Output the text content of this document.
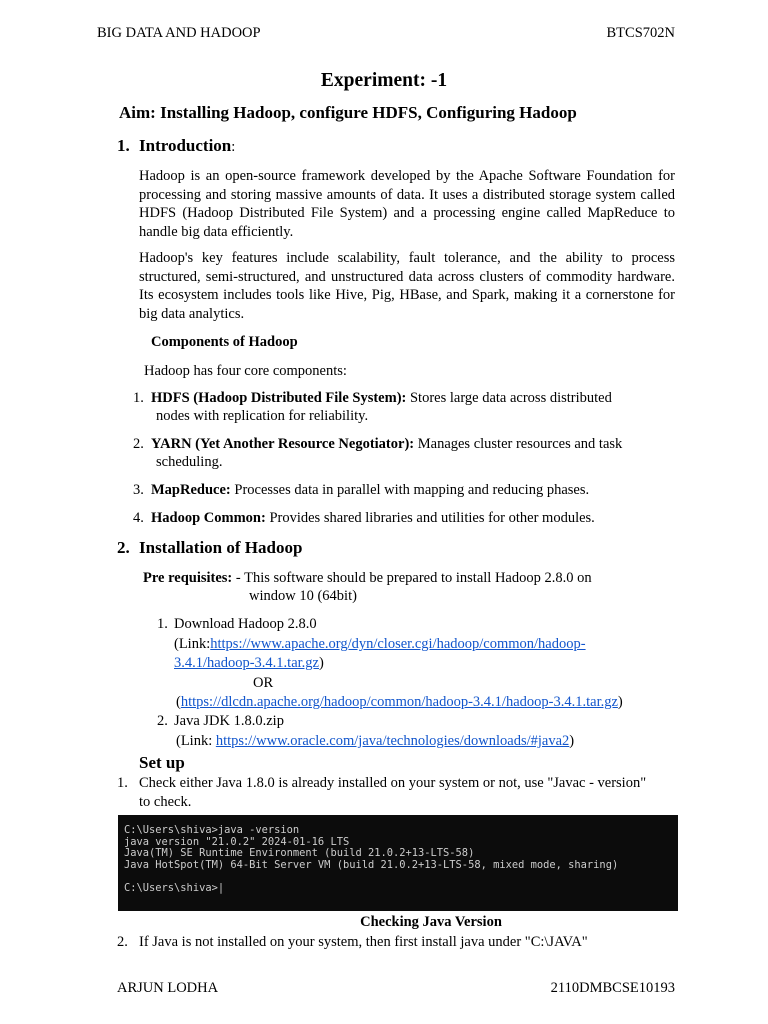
BIG DATA AND HADOOP	BTCS702N
Experiment: -1
Aim: Installing Hadoop, configure HDFS, Configuring Hadoop
1. Introduction:
Hadoop is an open-source framework developed by the Apache Software Foundation for processing and storing massive amounts of data. It uses a distributed storage system called HDFS (Hadoop Distributed File System) and a processing engine called MapReduce to handle big data efficiently.
Hadoop's key features include scalability, fault tolerance, and the ability to process structured, semi-structured, and unstructured data across clusters of commodity hardware. Its ecosystem includes tools like Hive, Pig, HBase, and Spark, making it a cornerstone for big data analytics.
Components of Hadoop
Hadoop has four core components:
1. HDFS (Hadoop Distributed File System): Stores large data across distributed
nodes with replication for reliability.
2. YARN (Yet Another Resource Negotiator): Manages cluster resources and task
scheduling.
3. MapReduce: Processes data in parallel with mapping and reducing phases.
4. Hadoop Common: Provides shared libraries and utilities for other modules.
2. Installation of Hadoop
Pre requisites: - This software should be prepared to install Hadoop 2.8.0 on
window 10 (64bit)
1. Download Hadoop 2.8.0
(Link:https://www.apache.org/dyn/closer.cgi/hadoop/common/hadoop-
3.4.1/hadoop-3.4.1.tar.gz)
OR
(https://dlcdn.apache.org/hadoop/common/hadoop-3.4.1/hadoop-3.4.1.tar.gz)
2. Java JDK 1.8.0.zip
(Link: https://www.oracle.com/java/technologies/downloads/#java2)
Set up
1. Check either Java 1.8.0 is already installed on your system or not, use "Javac - version"
to check.
C:\Users\shiva>java -version
java version "21.0.2" 2024-01-16 LTS
Java(TM) SE Runtime Environment (build 21.0.2+13-LTS-58)
Java HotSpot(TM) 64-Bit Server VM (build 21.0.2+13-LTS-58, mixed mode, sharing)

C:\Users\shiva>|
Checking Java Version
2. If Java is not installed on your system, then first install java under "C:\JAVA"
ARJUN LODHA	2110DMBCSE10193
